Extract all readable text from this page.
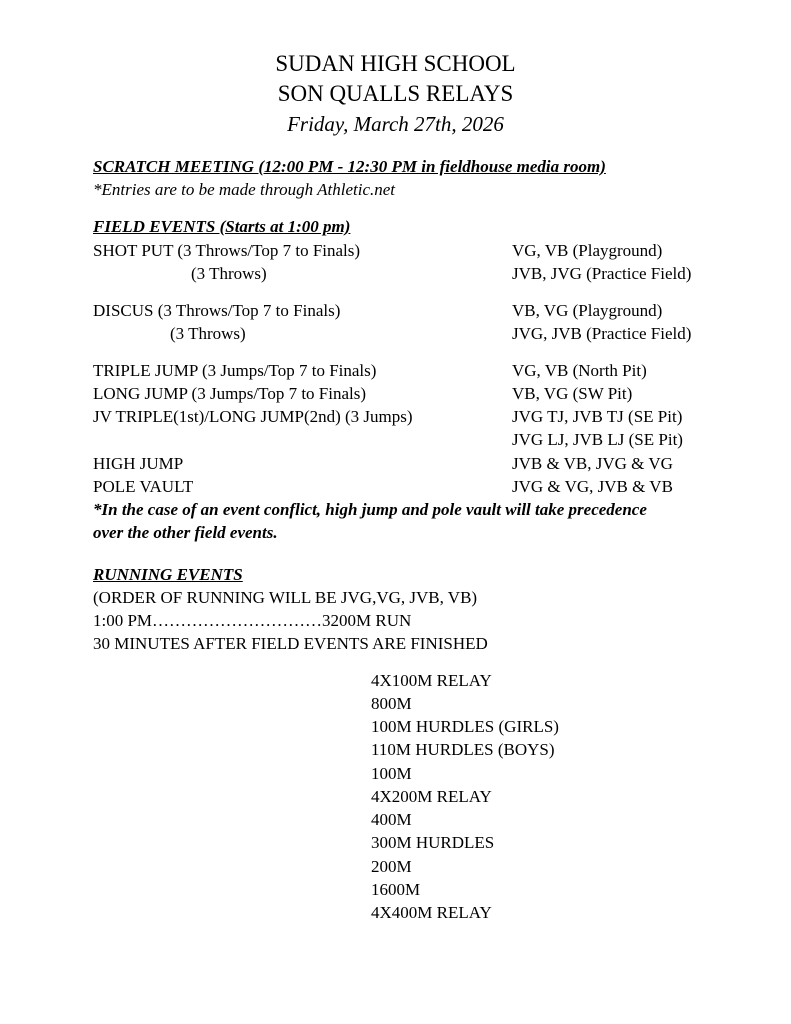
SUDAN HIGH SCHOOL
SON QUALLS RELAYS
Friday, March 27th, 2026
SCRATCH MEETING (12:00 PM - 12:30 PM in fieldhouse media room)
*Entries are to be made through Athletic.net
FIELD EVENTS (Starts at 1:00 pm)
SHOT PUT (3 Throws/Top 7 to Finals)	VG, VB (Playground)
(3 Throws)	JVB, JVG (Practice Field)
DISCUS (3 Throws/Top 7 to Finals)	VB, VG (Playground)
(3 Throws)	JVG, JVB (Practice Field)
TRIPLE JUMP (3 Jumps/Top 7 to Finals)	VG, VB (North Pit)
LONG JUMP (3 Jumps/Top 7 to Finals)	VB, VG (SW Pit)
JV TRIPLE(1st)/LONG JUMP(2nd) (3 Jumps)	JVG TJ, JVB TJ (SE Pit)
JVG LJ, JVB LJ (SE Pit)
HIGH JUMP	JVB & VB, JVG & VG
POLE VAULT	JVG & VG, JVB & VB
*In the case of an event conflict, high jump and pole vault will take precedence
over the other field events.
RUNNING EVENTS
(ORDER OF RUNNING WILL BE JVG,VG, JVB, VB)
1:00 PM…………………………3200M RUN
30 MINUTES AFTER FIELD EVENTS ARE FINISHED
4X100M RELAY
800M
100M HURDLES (GIRLS)
110M HURDLES (BOYS)
100M
4X200M RELAY
400M
300M HURDLES
200M
1600M
4X400M RELAY
